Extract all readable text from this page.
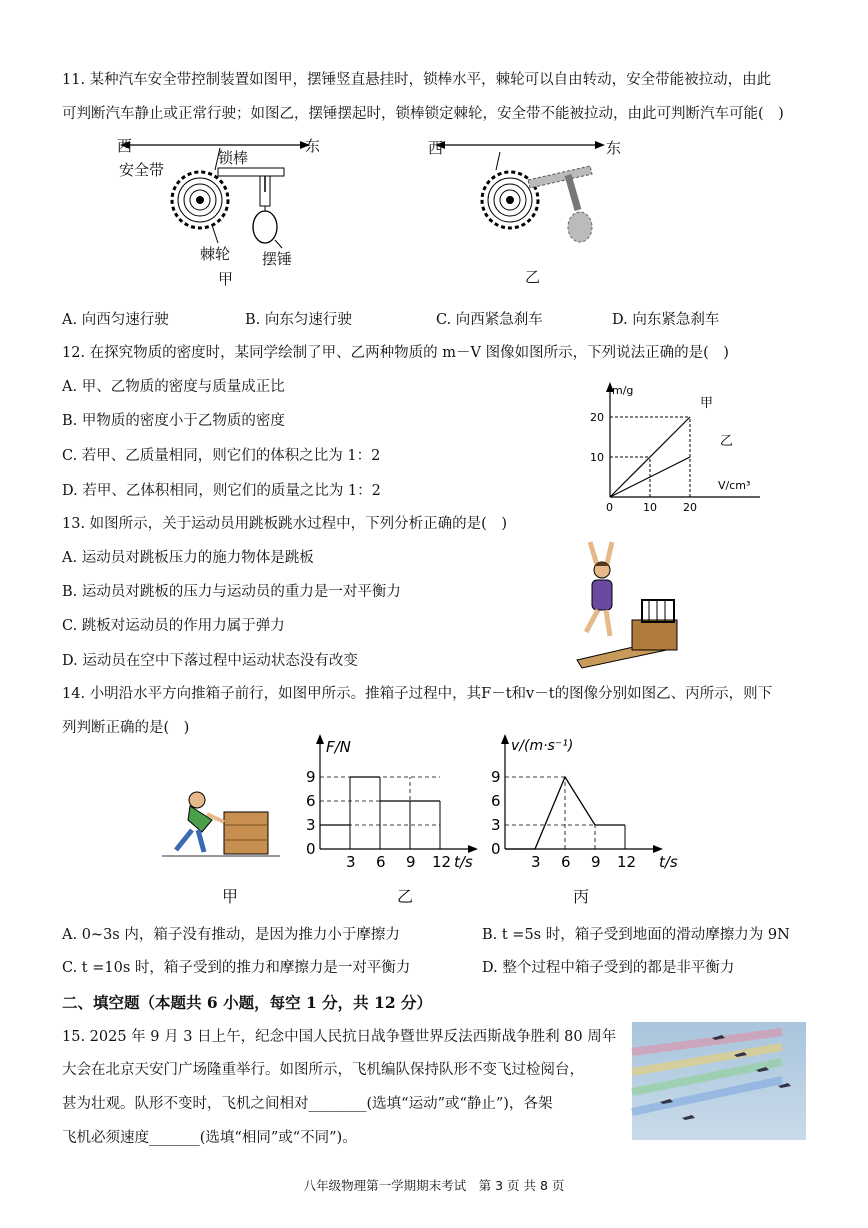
11. 某种汽车安全带控制装置如图甲，摆锤竖直悬挂时，锁棒水平，棘轮可以自由转动，安全带能被拉动，由此
可判断汽车静止或正常行驶；如图乙，摆锤摆起时，锁棒锁定棘轮，安全带不能被拉动，由此可判断汽车可能(　)
西	东
安全带
锁棒
棘轮 摆锤
甲
西	东
乙
A. 向西匀速行驶	B. 向东匀速行驶	C. 向西紧急刹车	D. 向东紧急刹车
12. 在探究物质的密度时，某同学绘制了甲、乙两种物质的 m－V 图像如图所示，下列说法正确的是(　)
A. 甲、乙物质的密度与质量成正比
B. 甲物质的密度小于乙物质的密度
C. 若甲、乙质量相同，则它们的体积之比为 1：2
D. 若甲、乙体积相同，则它们的质量之比为 1：2
m/g
V/cm³
0
甲
乙
10
10
20
20
13. 如图所示，关于运动员用跳板跳水过程中，下列分析正确的是(　)
A. 运动员对跳板压力的施力物体是跳板
B. 运动员对跳板的压力与运动员的重力是一对平衡力
C. 跳板对运动员的作用力属于弹力
D. 运动员在空中下落过程中运动状态没有改变
14. 小明沿水平方向推箱子前行，如图甲所示。推箱子过程中，其F－t和v－t的图像分别如图乙、丙所示，则下
列判断正确的是(　)
F/N
t/s
9
6
3
0
3 6 9 12
v/(m·s⁻¹)
t/s
9
6
3
0
3 6 9 12
甲	乙	丙
A. 0~3s 内，箱子没有推动，是因为推力小于摩擦力	B. t =5s 时，箱子受到地面的滑动摩擦力为 9N
C. t =10s 时，箱子受到的推力和摩擦力是一对平衡力	D. 整个过程中箱子受到的都是非平衡力
二、填空题（本题共 6 小题，每空 1 分，共 12 分）
15. 2025 年 9 月 3 日上午，纪念中国人民抗日战争暨世界反法西斯战争胜利 80 周年
大会在北京天安门广场隆重举行。如图所示，飞机编队保持队形不变飞过检阅台，
甚为壮观。队形不变时，飞机之间相对________(选填“运动”或“静止”)，各架
飞机必须速度_______(选填“相同”或“不同”)。
八年级物理第一学期期末考试　第 3 页 共 8 页
